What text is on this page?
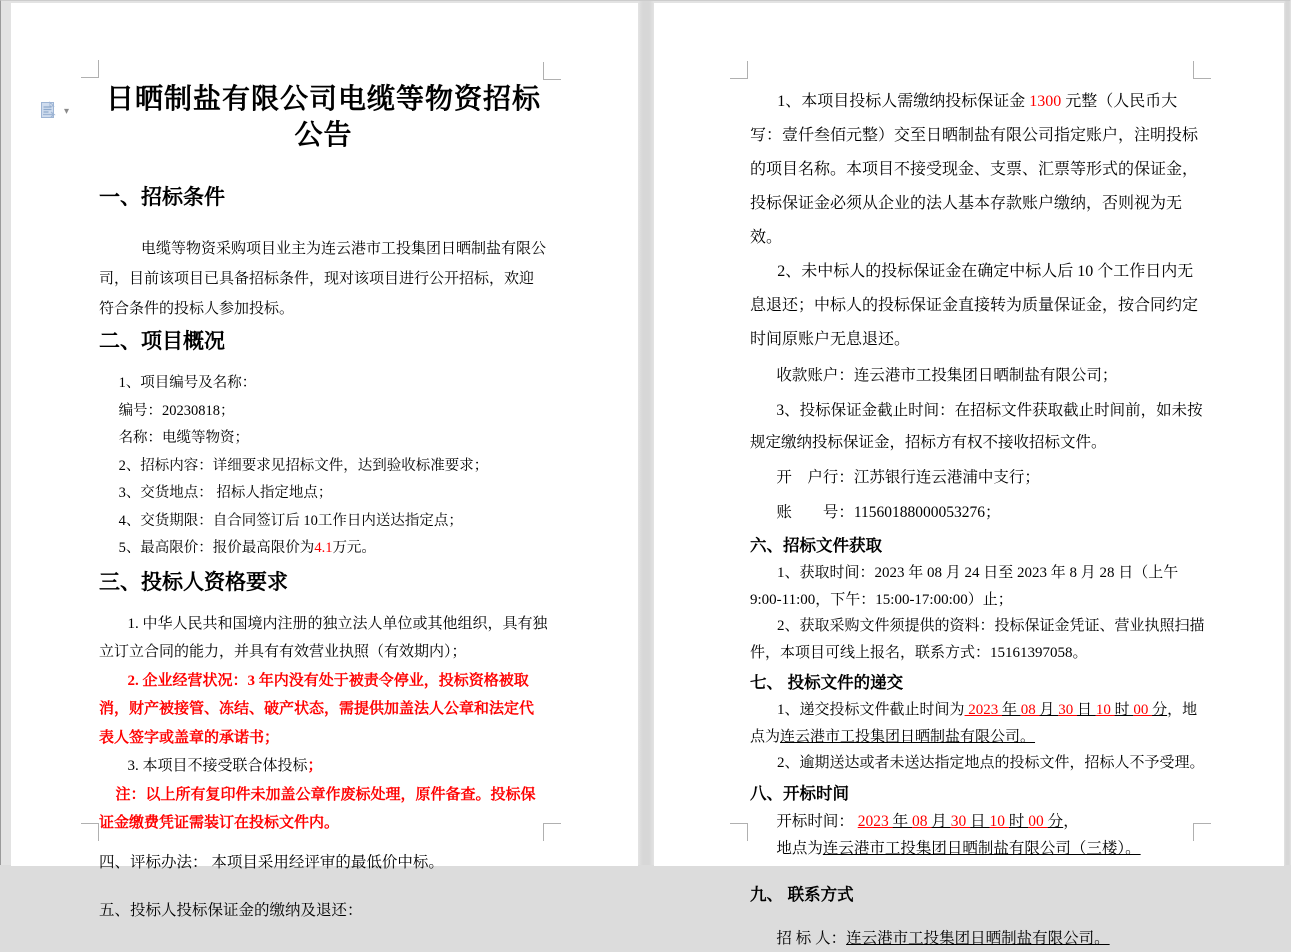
▾ 日晒制盐有限公司电缆等物资招标公告
一、招标条件
电缆等物资采购项目业主为连云港市工投集团日晒制盐有限公司，目前该项目已具备招标条件，现对该项目进行公开招标，欢迎符合条件的投标人参加投标。
二、项目概况
1、项目编号及名称：
编号：20230818；
名称：电缆等物资；
2、招标内容：详细要求见招标文件，达到验收标准要求；
3、交货地点： 招标人指定地点；
4、交货期限：自合同签订后 10工作日内送达指定点；
5、最高限价：报价最高限价为4.1万元。
三、投标人资格要求
1. 中华人民共和国境内注册的独立法人单位或其他组织，具有独立订立合同的能力，并具有有效营业执照（有效期内）；
2. 企业经营状况：3 年内没有处于被责令停业，投标资格被取消，财产被接管、冻结、破产状态，需提供加盖法人公章和法定代表人签字或盖章的承诺书；
3. 本项目不接受联合体投标；
注：以上所有复印件未加盖公章作废标处理，原件备查。投标保证金缴费凭证需装订在投标文件内。
四、评标办法： 本项目采用经评审的最低价中标。
五、投标人投标保证金的缴纳及退还：
1、本项目投标人需缴纳投标保证金 1300 元整（人民币大写：壹仟叁佰元整）交至日晒制盐有限公司指定账户，注明投标的项目名称。本项目不接受现金、支票、汇票等形式的保证金，投标保证金必须从企业的法人基本存款账户缴纳，否则视为无效。
2、未中标人的投标保证金在确定中标人后 10 个工作日内无息退还；中标人的投标保证金直接转为质量保证金，按合同约定时间原账户无息退还。
收款账户：连云港市工投集团日晒制盐有限公司；
3、投标保证金截止时间：在招标文件获取截止时间前，如未按规定缴纳投标保证金，招标方有权不接收招标文件。
开　户行：江苏银行连云港浦中支行；
账　　号：11560188000053276；
六、招标文件获取
1、获取时间：2023 年 08 月 24 日至 2023 年 8 月 28 日（上午 9:00-11:00，下午：15:00-17:00:00）止；
2、获取采购文件须提供的资料：投标保证金凭证、营业执照扫描件，本项目可线上报名，联系方式：15161397058。
七、 投标文件的递交
1、递交投标文件截止时间为 2023 年 08 月 30 日 10 时 00 分，地点为连云港市工投集团日晒制盐有限公司。
2、逾期送达或者未送达指定地点的投标文件，招标人不予受理。
八、开标时间
开标时间： 2023 年 08 月 30 日 10 时 00 分，
地点为连云港市工投集团日晒制盐有限公司（三楼）。
九、 联系方式
招 标 人：连云港市工投集团日晒制盐有限公司。
